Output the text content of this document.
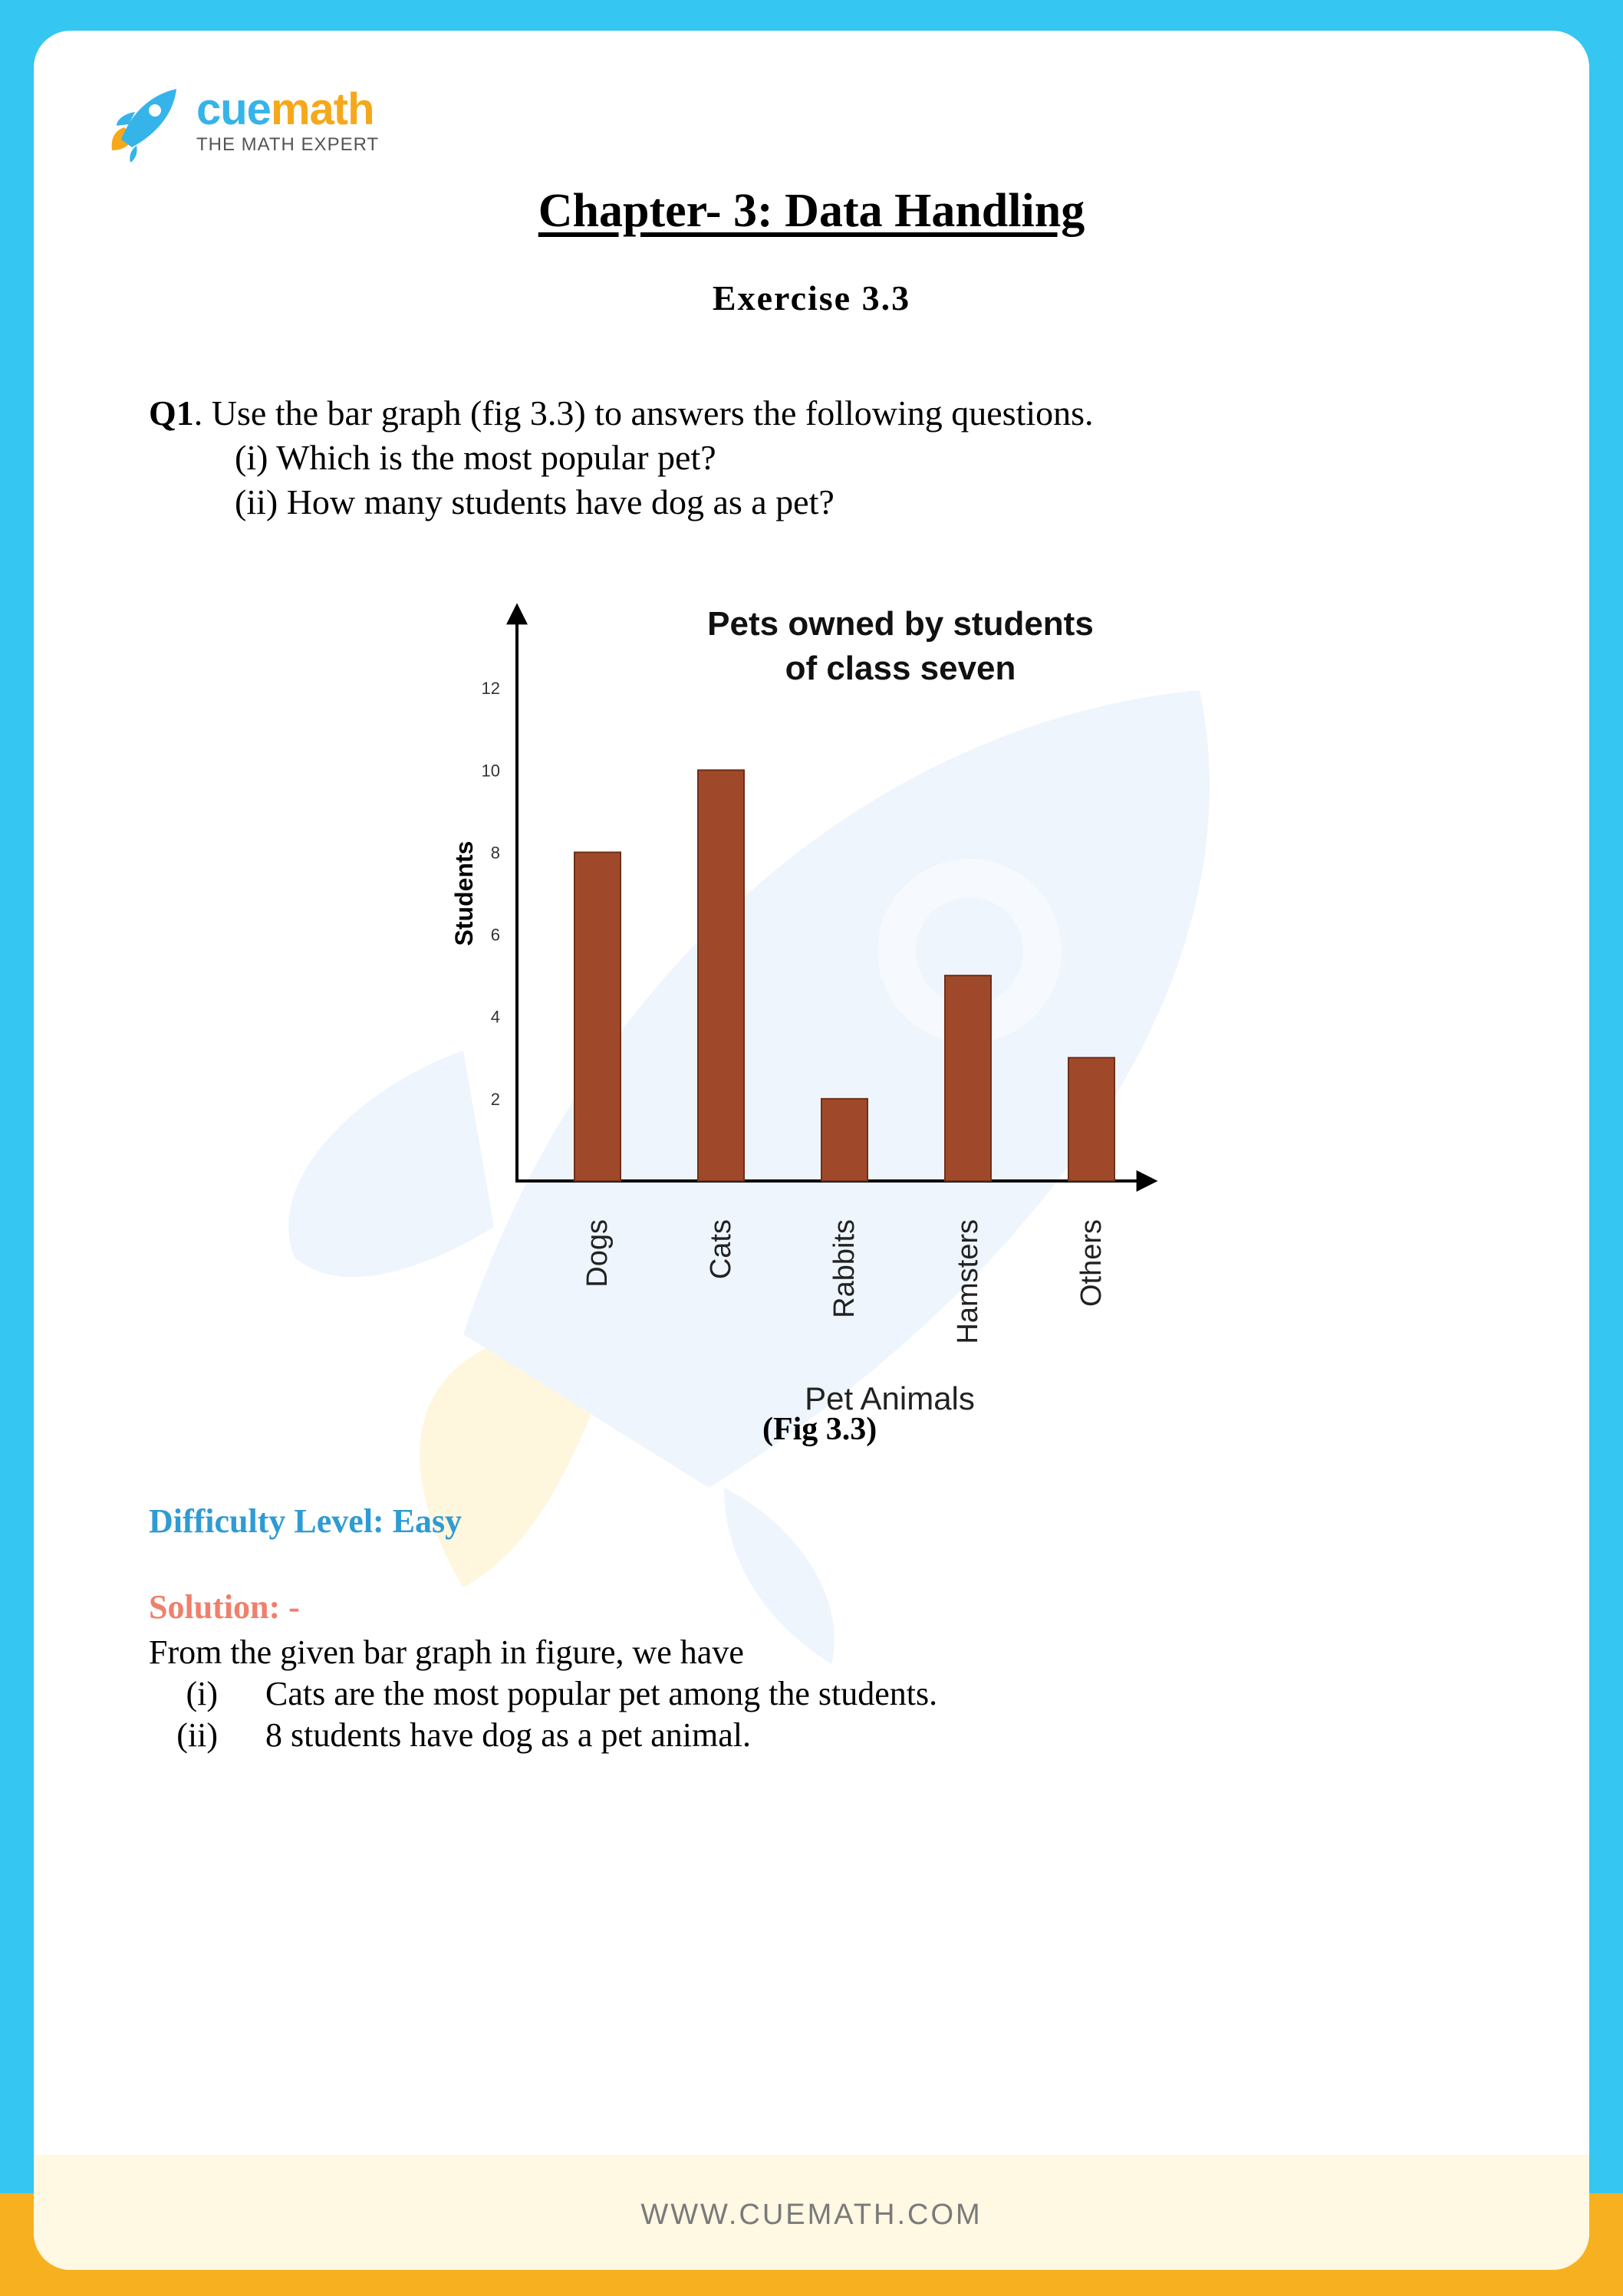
cuemath
THE MATH EXPERT
Chapter- 3: Data Handling
Exercise 3.3
Q1. Use the bar graph (fig 3.3) to answers the following questions.
(i) Which is the most popular pet?
(ii) How many students have dog as a pet?
Pets owned by students
of class seven
Students
2
4
6
8
10
12
Dogs	Cats	Rabbits	Hamsters	Others
Pet Animals
(Fig 3.3)
Difficulty Level: Easy
Solution: -
From the given bar graph in figure, we have
(i)	Cats are the most popular pet among the students.
(ii)	8 students have dog as a pet animal.
WWW.CUEMATH.COM
